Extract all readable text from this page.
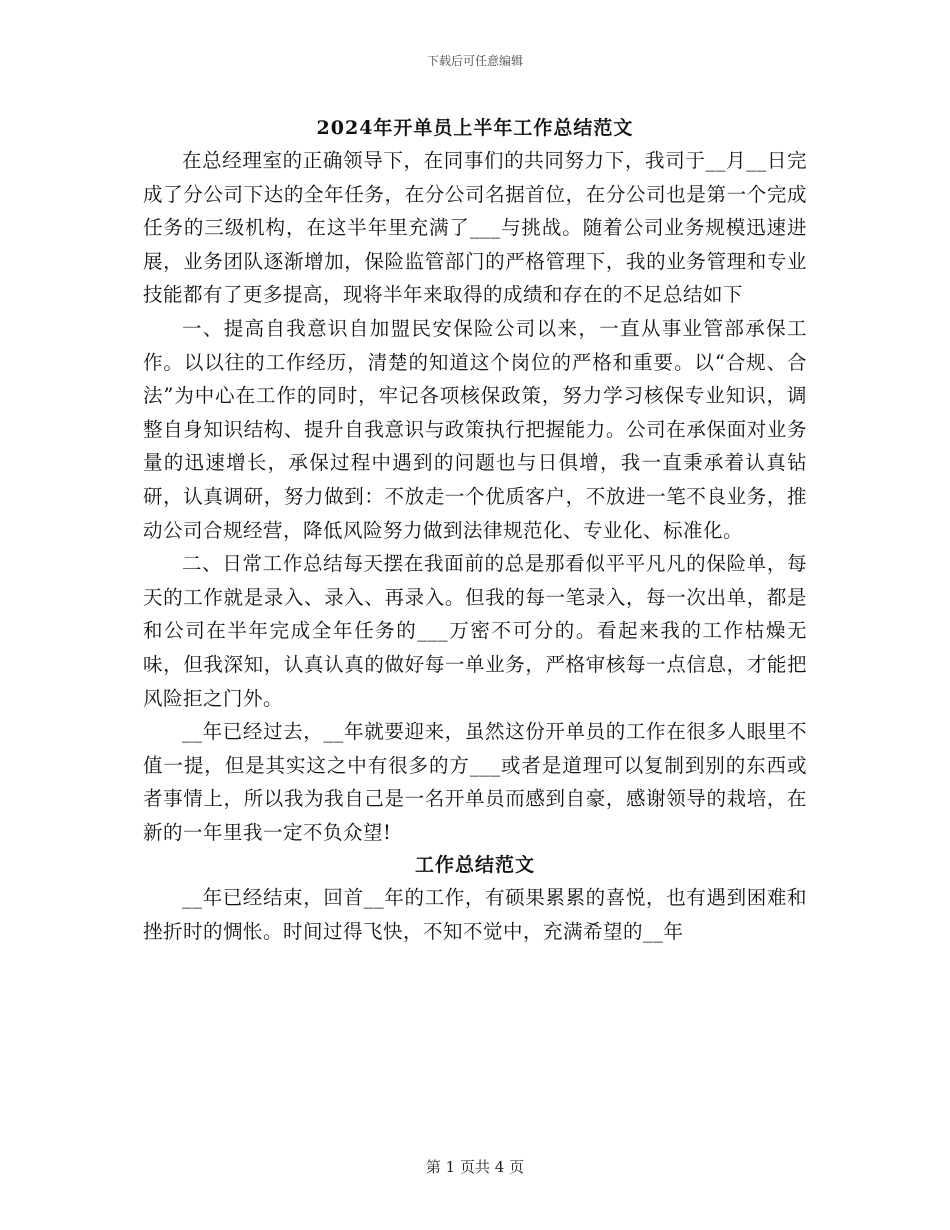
下载后可任意编辑
2024年开单员上半年工作总结范文

在总经理室的正确领导下，在同事们的共同努力下，我司于__月__日完成了分公司下达的全年任务，在分公司名据首位，在分公司也是第一个完成任务的三级机构，在这半年里充满了___与挑战。随着公司业务规模迅速进展，业务团队逐渐增加，保险监管部门的严格管理下，我的业务管理和专业技能都有了更多提高，现将半年来取得的成绩和存在的不足总结如下

一、提高自我意识自加盟民安保险公司以来，一直从事业管部承保工作。以以往的工作经历，清楚的知道这个岗位的严格和重要。以“合规、合法”为中心在工作的同时，牢记各项核保政策，努力学习核保专业知识，调整自身知识结构、提升自我意识与政策执行把握能力。公司在承保面对业务量的迅速增长，承保过程中遇到的问题也与日俱增，我一直秉承着认真钻研，认真调研，努力做到：不放走一个优质客户，不放进一笔不良业务，推动公司合规经营，降低风险努力做到法律规范化、专业化、标准化。

二、日常工作总结每天摆在我面前的总是那看似平平凡凡的保险单，每天的工作就是录入、录入、再录入。但我的每一笔录入，每一次出单，都是和公司在半年完成全年任务的___万密不可分的。看起来我的工作枯燥无味，但我深知，认真认真的做好每一单业务，严格审核每一点信息，才能把风险拒之门外。

__年已经过去，__年就要迎来，虽然这份开单员的工作在很多人眼里不值一提，但是其实这之中有很多的方___或者是道理可以复制到别的东西或者事情上，所以我为我自己是一名开单员而感到自豪，感谢领导的栽培，在新的一年里我一定不负众望!

工作总结范文

__年已经结束，回首__年的工作，有硕果累累的喜悦，也有遇到困难和挫折时的惆怅。时间过得飞快，不知不觉中，充满希望的__年

第 1 页共 4 页
